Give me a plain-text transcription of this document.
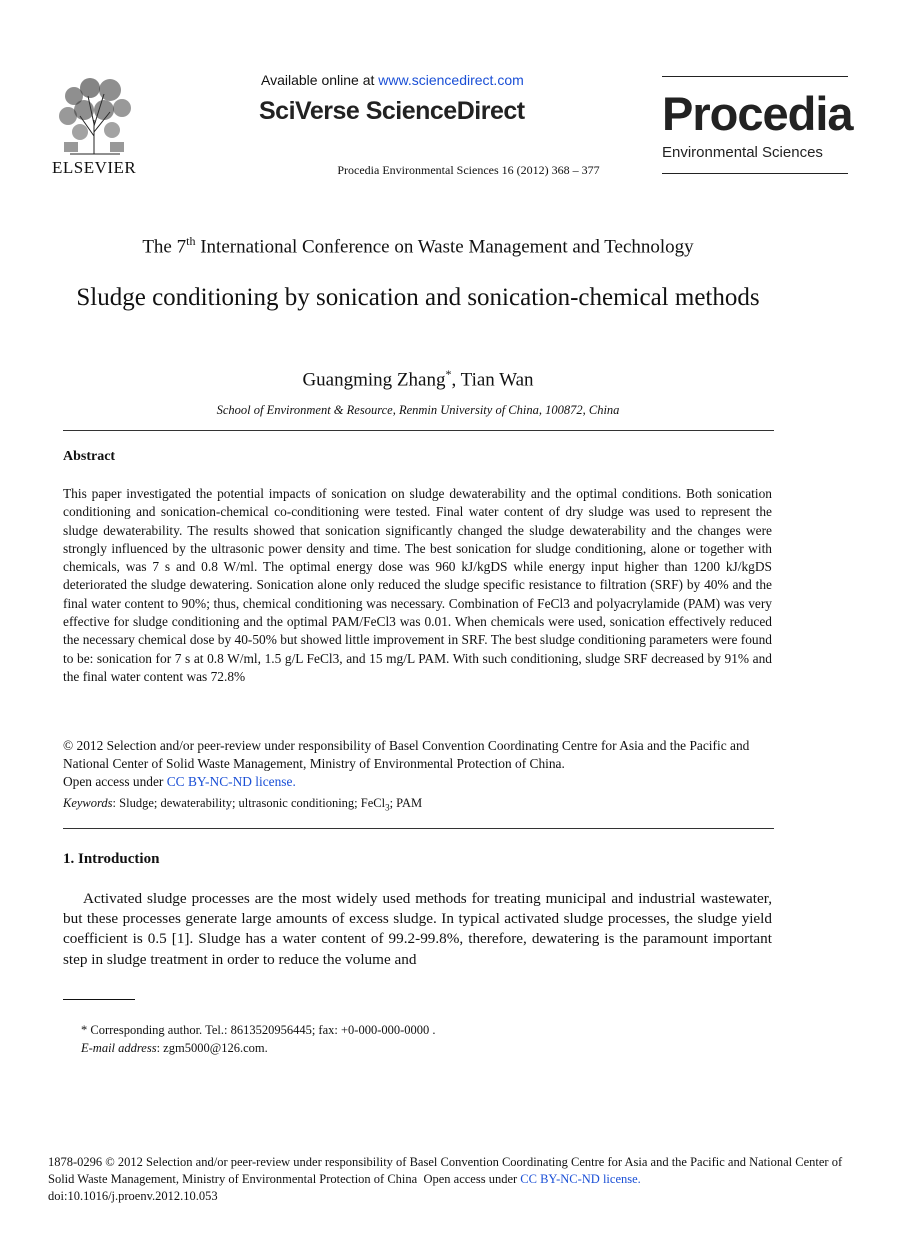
ELSEVIER
Available online at www.sciencedirect.com
SciVerse ScienceDirect
Procedia Environmental Sciences 16 (2012) 368 – 377
Procedia
Environmental Sciences
The 7th International Conference on Waste Management and Technology
Sludge conditioning by sonication and sonication-chemical methods
Guangming Zhang*, Tian Wan
School of Environment & Resource, Renmin University of China, 100872, China
Abstract
This paper investigated the potential impacts of sonication on sludge dewaterability and the optimal conditions. Both sonication conditioning and sonication-chemical co-conditioning were tested. Final water content of dry sludge was used to represent the sludge dewaterability. The results showed that sonication significantly changed the sludge dewaterability and the changes were strongly influenced by the ultrasonic power density and time. The best sonication for sludge conditioning, alone or together with chemicals, was 7 s and 0.8 W/ml. The optimal energy dose was 960 kJ/kgDS while energy input higher than 1200 kJ/kgDS deteriorated the sludge dewatering. Sonication alone only reduced the sludge specific resistance to filtration (SRF) by 40% and the final water content to 90%; thus, chemical conditioning was necessary. Combination of FeCl3 and polyacrylamide (PAM) was very effective for sludge conditioning and the optimal PAM/FeCl3 was 0.01. When chemicals were used, sonication effectively reduced the necessary chemical dose by 40-50% but showed little improvement in SRF. The best sludge conditioning parameters were found to be: sonication for 7 s at 0.8 W/ml, 1.5 g/L FeCl3, and 15 mg/L PAM. With such conditioning, sludge SRF decreased by 91% and the final water content was 72.8%
© 2012 Selection and/or peer-review under responsibility of Basel Convention Coordinating Centre for Asia and the Pacific and National Center of Solid Waste Management, Ministry of Environmental Protection of China.
Open access under CC BY-NC-ND license.
Keywords: Sludge; dewaterability; ultrasonic conditioning; FeCl$_3$; PAM
1. Introduction
Activated sludge processes are the most widely used methods for treating municipal and industrial wastewater, but these processes generate large amounts of excess sludge. In typical activated sludge processes, the sludge yield coefficient is 0.5 [1]. Sludge has a water content of 99.2-99.8%, therefore, dewatering is the paramount important step in sludge treatment in order to reduce the volume and
* Corresponding author. Tel.: 8613520956445; fax: +0-000-000-0000 .
E-mail address: zgm5000@126.com.
1878-0296 © 2012 Selection and/or peer-review under responsibility of Basel Convention Coordinating Centre for Asia and the Pacific and National Center of Solid Waste Management, Ministry of Environmental Protection of China  Open access under CC BY-NC-ND license.
doi:10.1016/j.proenv.2012.10.053
